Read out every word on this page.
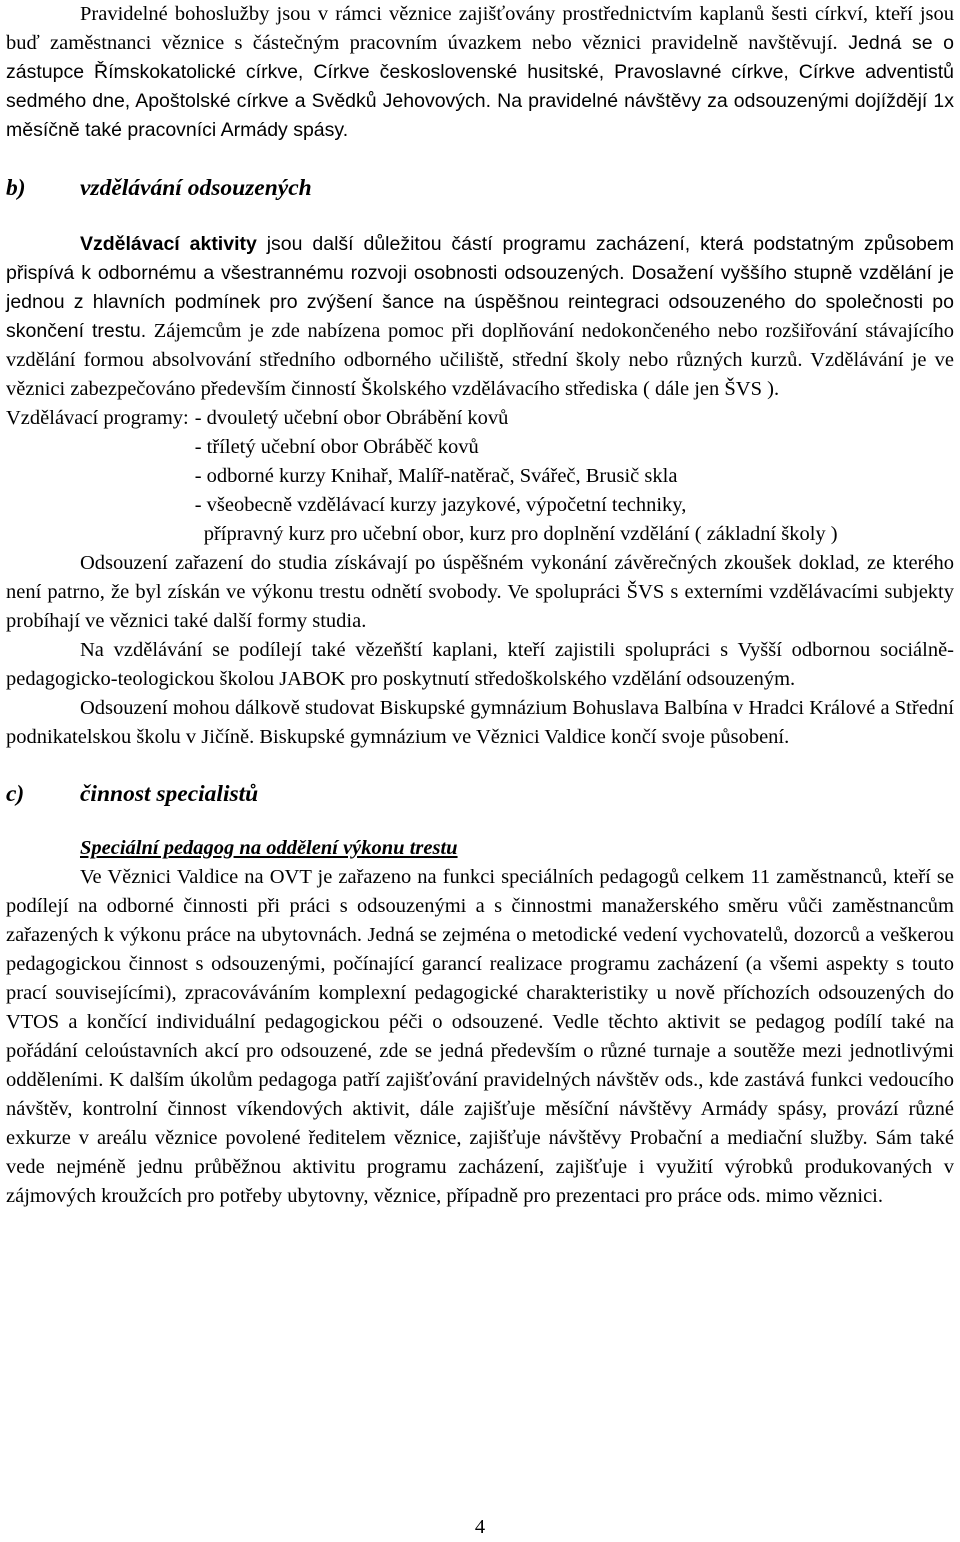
Pravidelné bohoslužby jsou v rámci věznice zajišťovány prostřednictvím kaplanů šesti církví, kteří jsou buď zaměstnanci věznice s částečným pracovním úvazkem nebo věznici pravidelně navštěvují. Jedná se o zástupce Římskokatolické církve, Církve československé husitské, Pravoslavné církve, Církve adventistů sedmého dne, Apoštolské církve a Svědků Jehovových. Na pravidelné návštěvy za odsouzenými dojíždějí 1x měsíčně také pracovníci Armády spásy.

b)	vzdělávání odsouzených

Vzdělávací aktivity jsou další důležitou částí programu zacházení, která podstatným způsobem přispívá k odbornému a všestrannému rozvoji osobnosti odsouzených. Dosažení vyššího stupně vzdělání je jednou z hlavních podmínek pro zvýšení šance na úspěšnou reintegraci odsouzeného do společnosti po skončení trestu. Zájemcům je zde nabízena pomoc při doplňování nedokončeného nebo rozšiřování stávajícího vzdělání formou absolvování středního odborného učiliště, střední školy nebo různých kurzů. Vzdělávání je ve věznici zabezpečováno především činností Školského vzdělávacího střediska ( dále jen ŠVS ).

Vzdělávací programy: - dvouletý učební obor Obrábění kovů
- tříletý učební obor Obráběč kovů
- odborné kurzy Knihař, Malíř-natěrač, Svářeč, Brusič skla
- všeobecně vzdělávací kurzy jazykové, výpočetní techniky,
přípravný kurz pro učební obor, kurz pro doplnění vzdělání ( základní školy )

Odsouzení zařazení do studia získávají po úspěšném vykonání závěrečných zkoušek doklad, ze kterého není patrno, že byl získán ve výkonu trestu odnětí svobody. Ve spolupráci ŠVS s externími vzdělávacími subjekty probíhají ve věznici také další formy studia.

Na vzdělávání se podílejí také vězeňští kaplani, kteří zajistili spolupráci s Vyšší odbornou sociálně-pedagogicko-teologickou školou JABOK pro poskytnutí středoškolského vzdělání odsouzeným.

Odsouzení mohou dálkově studovat Biskupské gymnázium Bohuslava Balbína v Hradci Králové a Střední podnikatelskou školu v Jičíně. Biskupské gymnázium ve Věznici Valdice končí svoje působení.

c)	činnost specialistů

Speciální pedagog na oddělení výkonu trestu

Ve Věznici Valdice na OVT je zařazeno na funkci speciálních pedagogů celkem 11 zaměstnanců, kteří se podílejí na odborné činnosti při práci s odsouzenými a s činnostmi manažerského směru vůči zaměstnancům zařazených k výkonu práce na ubytovnách. Jedná se zejména o metodické vedení vychovatelů, dozorců a veškerou pedagogickou činnost s odsouzenými, počínající garancí realizace programu zacházení (a všemi aspekty s touto prací souvisejícími), zpracováváním komplexní pedagogické charakteristiky u nově příchozích odsouzených do VTOS a končící individuální pedagogickou péči o odsouzené. Vedle těchto aktivit se pedagog podílí také na pořádání celoústavních akcí pro odsouzené, zde se jedná především o různé turnaje a soutěže mezi jednotlivými odděleními. K dalším úkolům pedagoga patří zajišťování pravidelných návštěv ods., kde zastává funkci vedoucího návštěv, kontrolní činnost víkendových aktivit, dále zajišťuje měsíční návštěvy Armády spásy, provází různé exkurze v areálu věznice povolené ředitelem věznice, zajišťuje návštěvy Probační a mediační služby. Sám také vede nejméně jednu průběžnou aktivitu programu zacházení, zajišťuje i využití výrobků produkovaných v zájmových kroužcích pro potřeby ubytovny, věznice, případně pro prezentaci pro práce ods. mimo věznici.

4
